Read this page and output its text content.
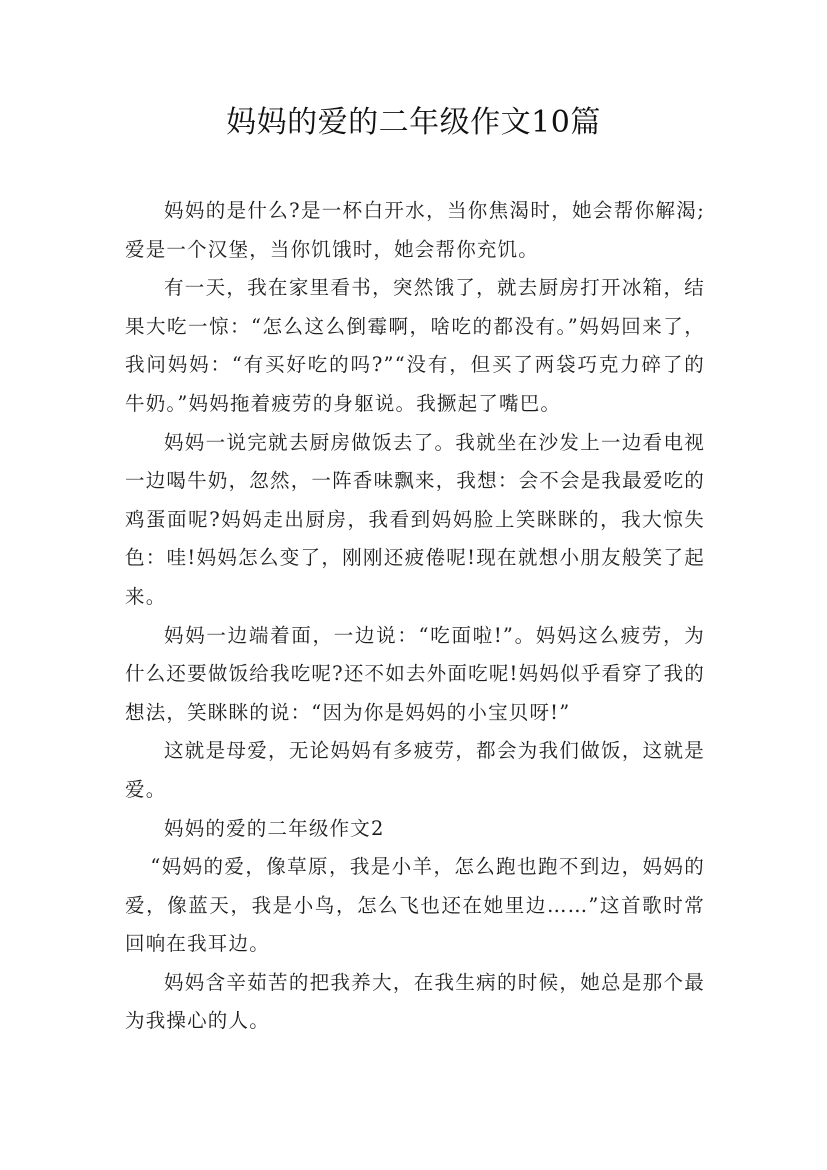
妈妈的爱的二年级作文10篇

妈妈的是什么?是一杯白开水，当你焦渴时，她会帮你解渴;爱是一个汉堡，当你饥饿时，她会帮你充饥。

有一天，我在家里看书，突然饿了，就去厨房打开冰箱，结果大吃一惊：“怎么这么倒霉啊，啥吃的都没有。”妈妈回来了，我问妈妈：“有买好吃的吗?”“没有，但买了两袋巧克力碎了的牛奶。”妈妈拖着疲劳的身躯说。我撅起了嘴巴。

妈妈一说完就去厨房做饭去了。我就坐在沙发上一边看电视一边喝牛奶，忽然，一阵香味飘来，我想：会不会是我最爱吃的鸡蛋面呢?妈妈走出厨房，我看到妈妈脸上笑眯眯的，我大惊失色：哇!妈妈怎么变了，刚刚还疲倦呢!现在就想小朋友般笑了起来。

妈妈一边端着面，一边说：“吃面啦!”。妈妈这么疲劳，为什么还要做饭给我吃呢?还不如去外面吃呢!妈妈似乎看穿了我的想法，笑眯眯的说：“因为你是妈妈的小宝贝呀!”

这就是母爱，无论妈妈有多疲劳，都会为我们做饭，这就是爱。

妈妈的爱的二年级作文2

“妈妈的爱，像草原，我是小羊，怎么跑也跑不到边，妈妈的爱，像蓝天，我是小鸟，怎么飞也还在她里边……”这首歌时常回响在我耳边。

妈妈含辛茹苦的把我养大，在我生病的时候，她总是那个最为我操心的人。
